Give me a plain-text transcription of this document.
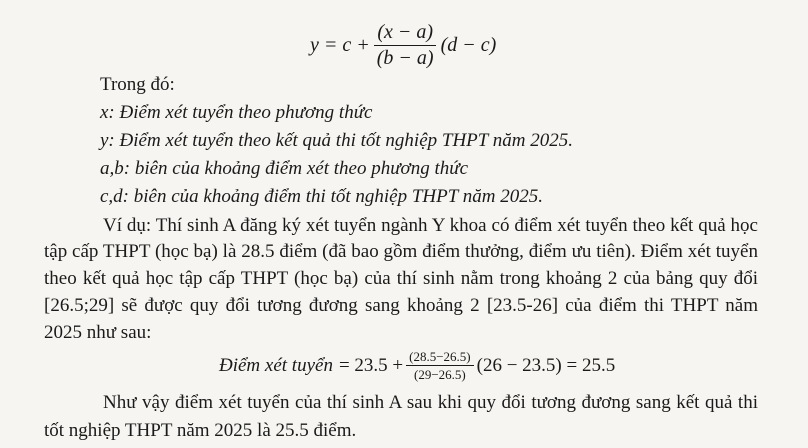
$y = c + \frac{(x - a)}{(b - a)} (d - c)$
Trong đó:
x: Điểm xét tuyển theo phương thức
y: Điểm xét tuyển theo kết quả thi tốt nghiệp THPT năm 2025.
a,b: biên của khoảng điểm xét theo phương thức
c,d: biên của khoảng điểm thi tốt nghiệp THPT năm 2025.
Ví dụ: Thí sinh A đăng ký xét tuyển ngành Y khoa có điểm xét tuyển theo kết quả học
tập cấp THPT (học bạ) là 28.5 điểm (đã bao gồm điểm thưởng, điểm ưu tiên). Điểm xét tuyển
theo kết quả học tập cấp THPT (học bạ) của thí sinh nằm trong khoảng 2 của bảng quy đổi
[26.5;29] sẽ được quy đổi tương đương sang khoảng 2 [23.5-26] của điểm thi THPT năm
2025 như sau:
Điểm xét tuyển = $23.5 + \frac{(28.5-26.5)}{(29-26.5)} (26 - 23.5) = 25.5$
Như vậy điểm xét tuyển của thí sinh A sau khi quy đổi tương đương sang kết quả thi
tốt nghiệp THPT năm 2025 là 25.5 điểm.
